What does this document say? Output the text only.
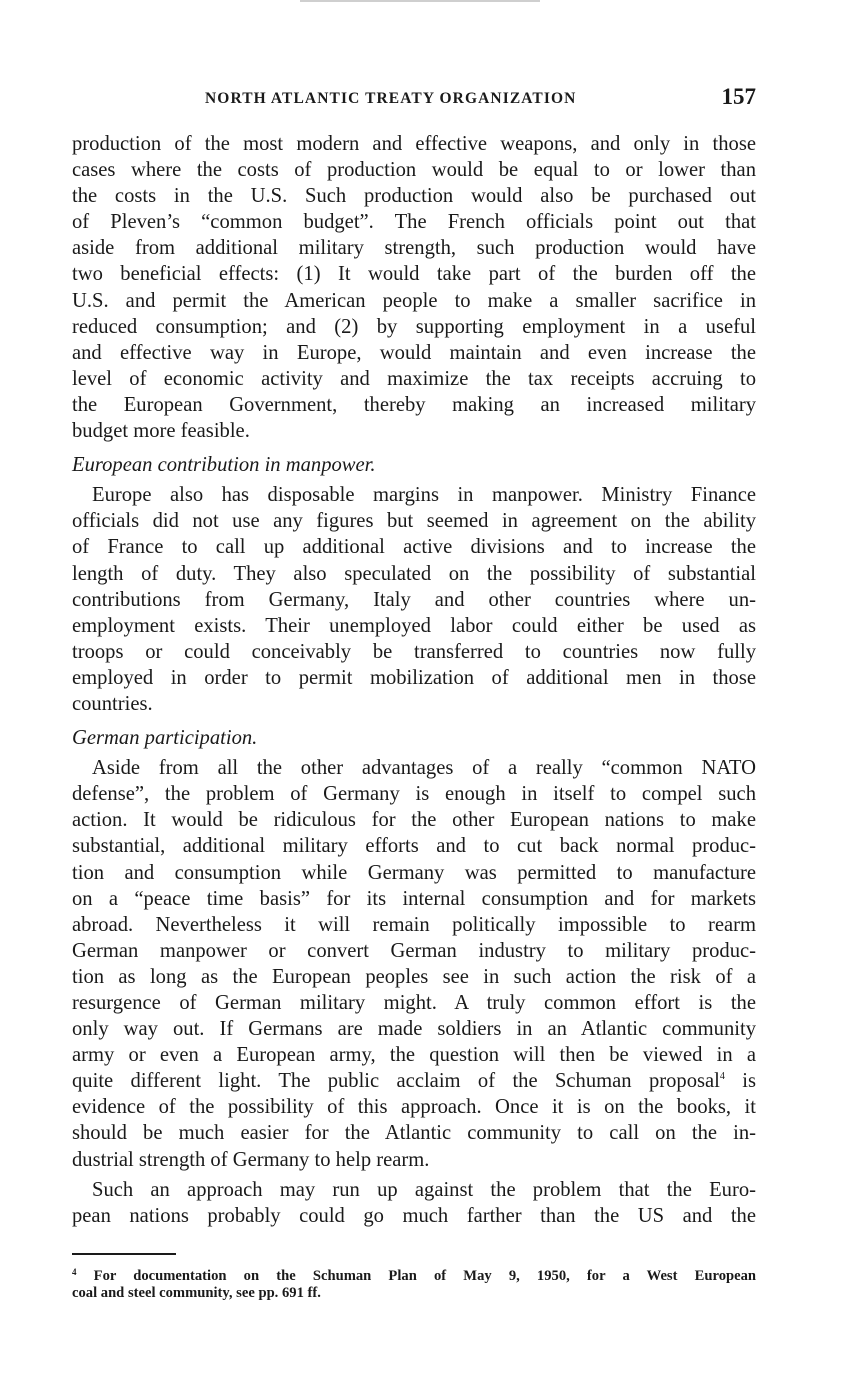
NORTH ATLANTIC TREATY ORGANIZATION	157
production of the most modern and effective weapons, and only in those
cases where the costs of production would be equal to or lower than
the costs in the U.S. Such production would also be purchased out
of Pleven’s “common budget”. The French officials point out that
aside from additional military strength, such production would have
two beneficial effects: (1) It would take part of the burden off the
U.S. and permit the American people to make a smaller sacrifice in
reduced consumption; and (2) by supporting employment in a useful
and effective way in Europe, would maintain and even increase the
level of economic activity and maximize the tax receipts accruing to
the European Government, thereby making an increased military
budget more feasible.
European contribution in manpower.
Europe also has disposable margins in manpower. Ministry Finance
officials did not use any figures but seemed in agreement on the ability
of France to call up additional active divisions and to increase the
length of duty. They also speculated on the possibility of substantial
contributions from Germany, Italy and other countries where un-
employment exists. Their unemployed labor could either be used as
troops or could conceivably be transferred to countries now fully
employed in order to permit mobilization of additional men in those
countries.
German participation.
Aside from all the other advantages of a really “common NATO
defense”, the problem of Germany is enough in itself to compel such
action. It would be ridiculous for the other European nations to make
substantial, additional military efforts and to cut back normal produc-
tion and consumption while Germany was permitted to manufacture
on a “peace time basis” for its internal consumption and for markets
abroad. Nevertheless it will remain politically impossible to rearm
German manpower or convert German industry to military produc-
tion as long as the European peoples see in such action the risk of a
resurgence of German military might. A truly common effort is the
only way out. If Germans are made soldiers in an Atlantic community
army or even a European army, the question will then be viewed in a
quite different light. The public acclaim of the Schuman proposal$^4$ is
evidence of the possibility of this approach. Once it is on the books, it
should be much easier for the Atlantic community to call on the in-
dustrial strength of Germany to help rearm.
Such an approach may run up against the problem that the Euro-
pean nations probably could go much farther than the US and the
$^4$ For documentation on the Schuman Plan of May 9, 1950, for a West European
coal and steel community, see pp. 691 ff.
